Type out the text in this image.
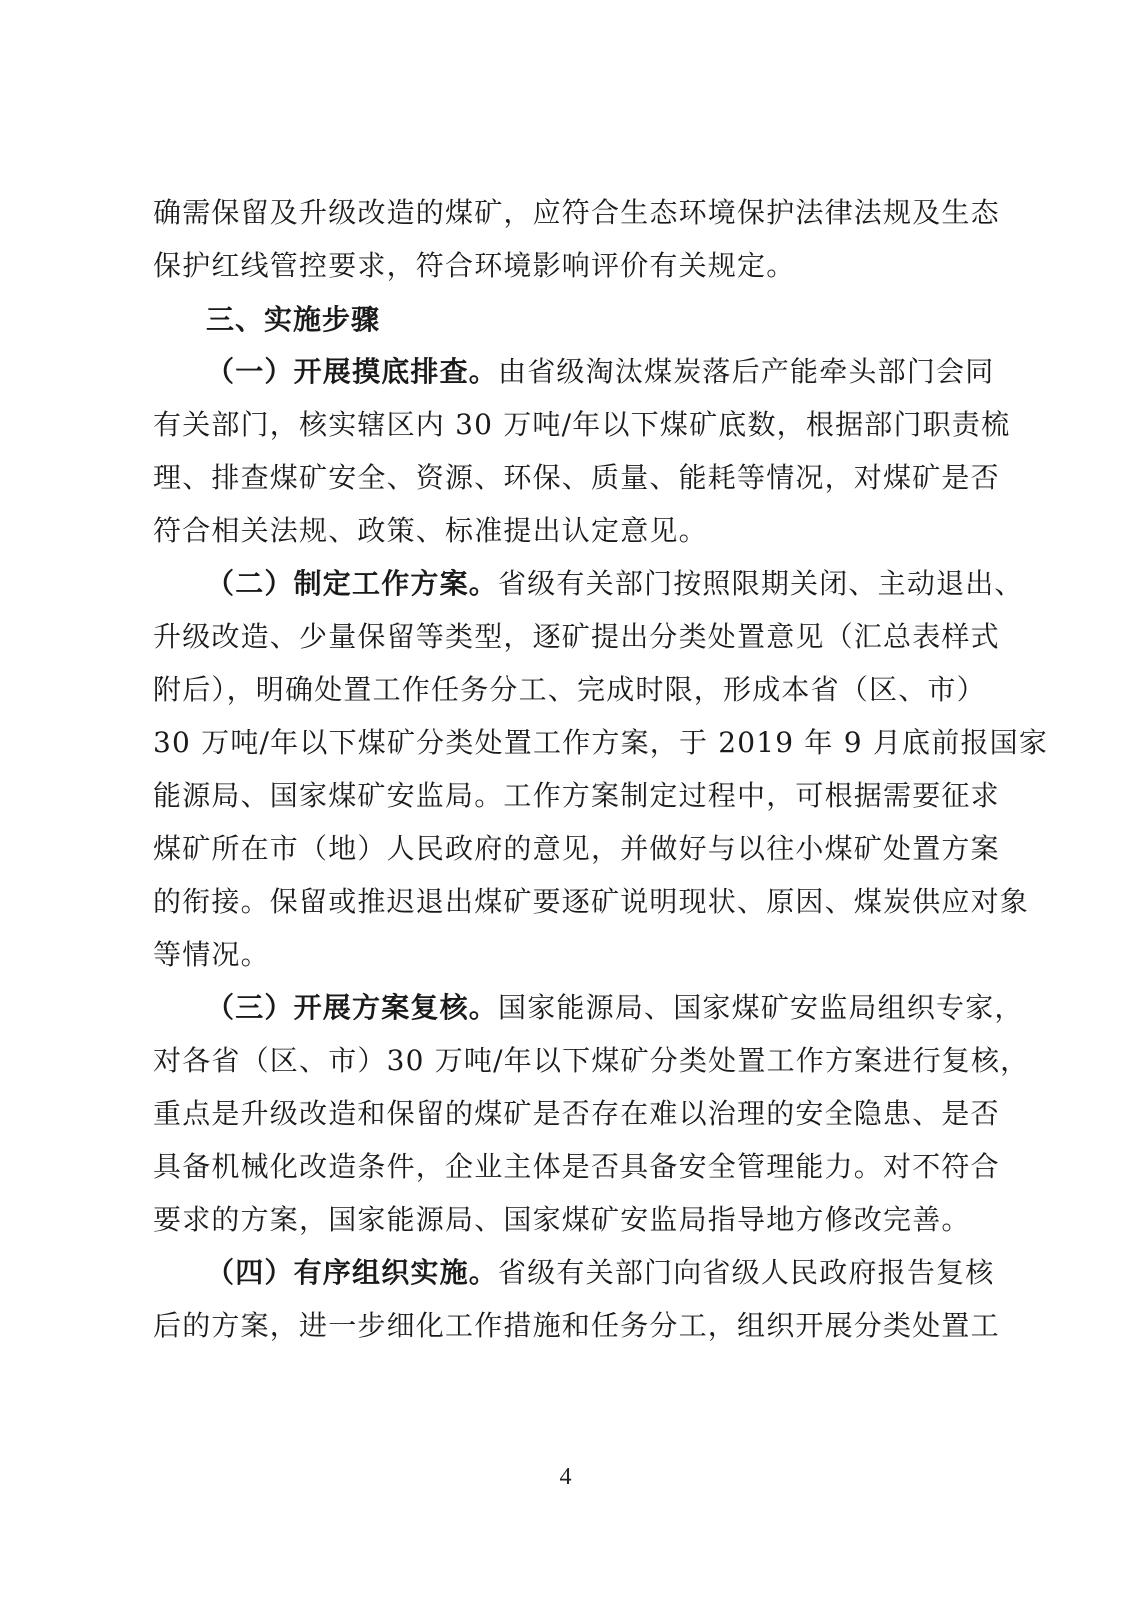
确需保留及升级改造的煤矿，应符合生态环境保护法律法规及生态
保护红线管控要求，符合环境影响评价有关规定。
三、实施步骤
（一）开展摸底排查。由省级淘汰煤炭落后产能牵头部门会同
有关部门，核实辖区内 30 万吨/年以下煤矿底数，根据部门职责梳
理、排查煤矿安全、资源、环保、质量、能耗等情况，对煤矿是否
符合相关法规、政策、标准提出认定意见。
（二）制定工作方案。省级有关部门按照限期关闭、主动退出、
升级改造、少量保留等类型，逐矿提出分类处置意见（汇总表样式
附后），明确处置工作任务分工、完成时限，形成本省（区、市）
30 万吨/年以下煤矿分类处置工作方案，于 2019 年 9 月底前报国家
能源局、国家煤矿安监局。工作方案制定过程中，可根据需要征求
煤矿所在市（地）人民政府的意见，并做好与以往小煤矿处置方案
的衔接。保留或推迟退出煤矿要逐矿说明现状、原因、煤炭供应对象
等情况。
（三）开展方案复核。国家能源局、国家煤矿安监局组织专家，
对各省（区、市）30 万吨/年以下煤矿分类处置工作方案进行复核，
重点是升级改造和保留的煤矿是否存在难以治理的安全隐患、是否
具备机械化改造条件，企业主体是否具备安全管理能力。对不符合
要求的方案，国家能源局、国家煤矿安监局指导地方修改完善。
（四）有序组织实施。省级有关部门向省级人民政府报告复核
后的方案，进一步细化工作措施和任务分工，组织开展分类处置工
4
